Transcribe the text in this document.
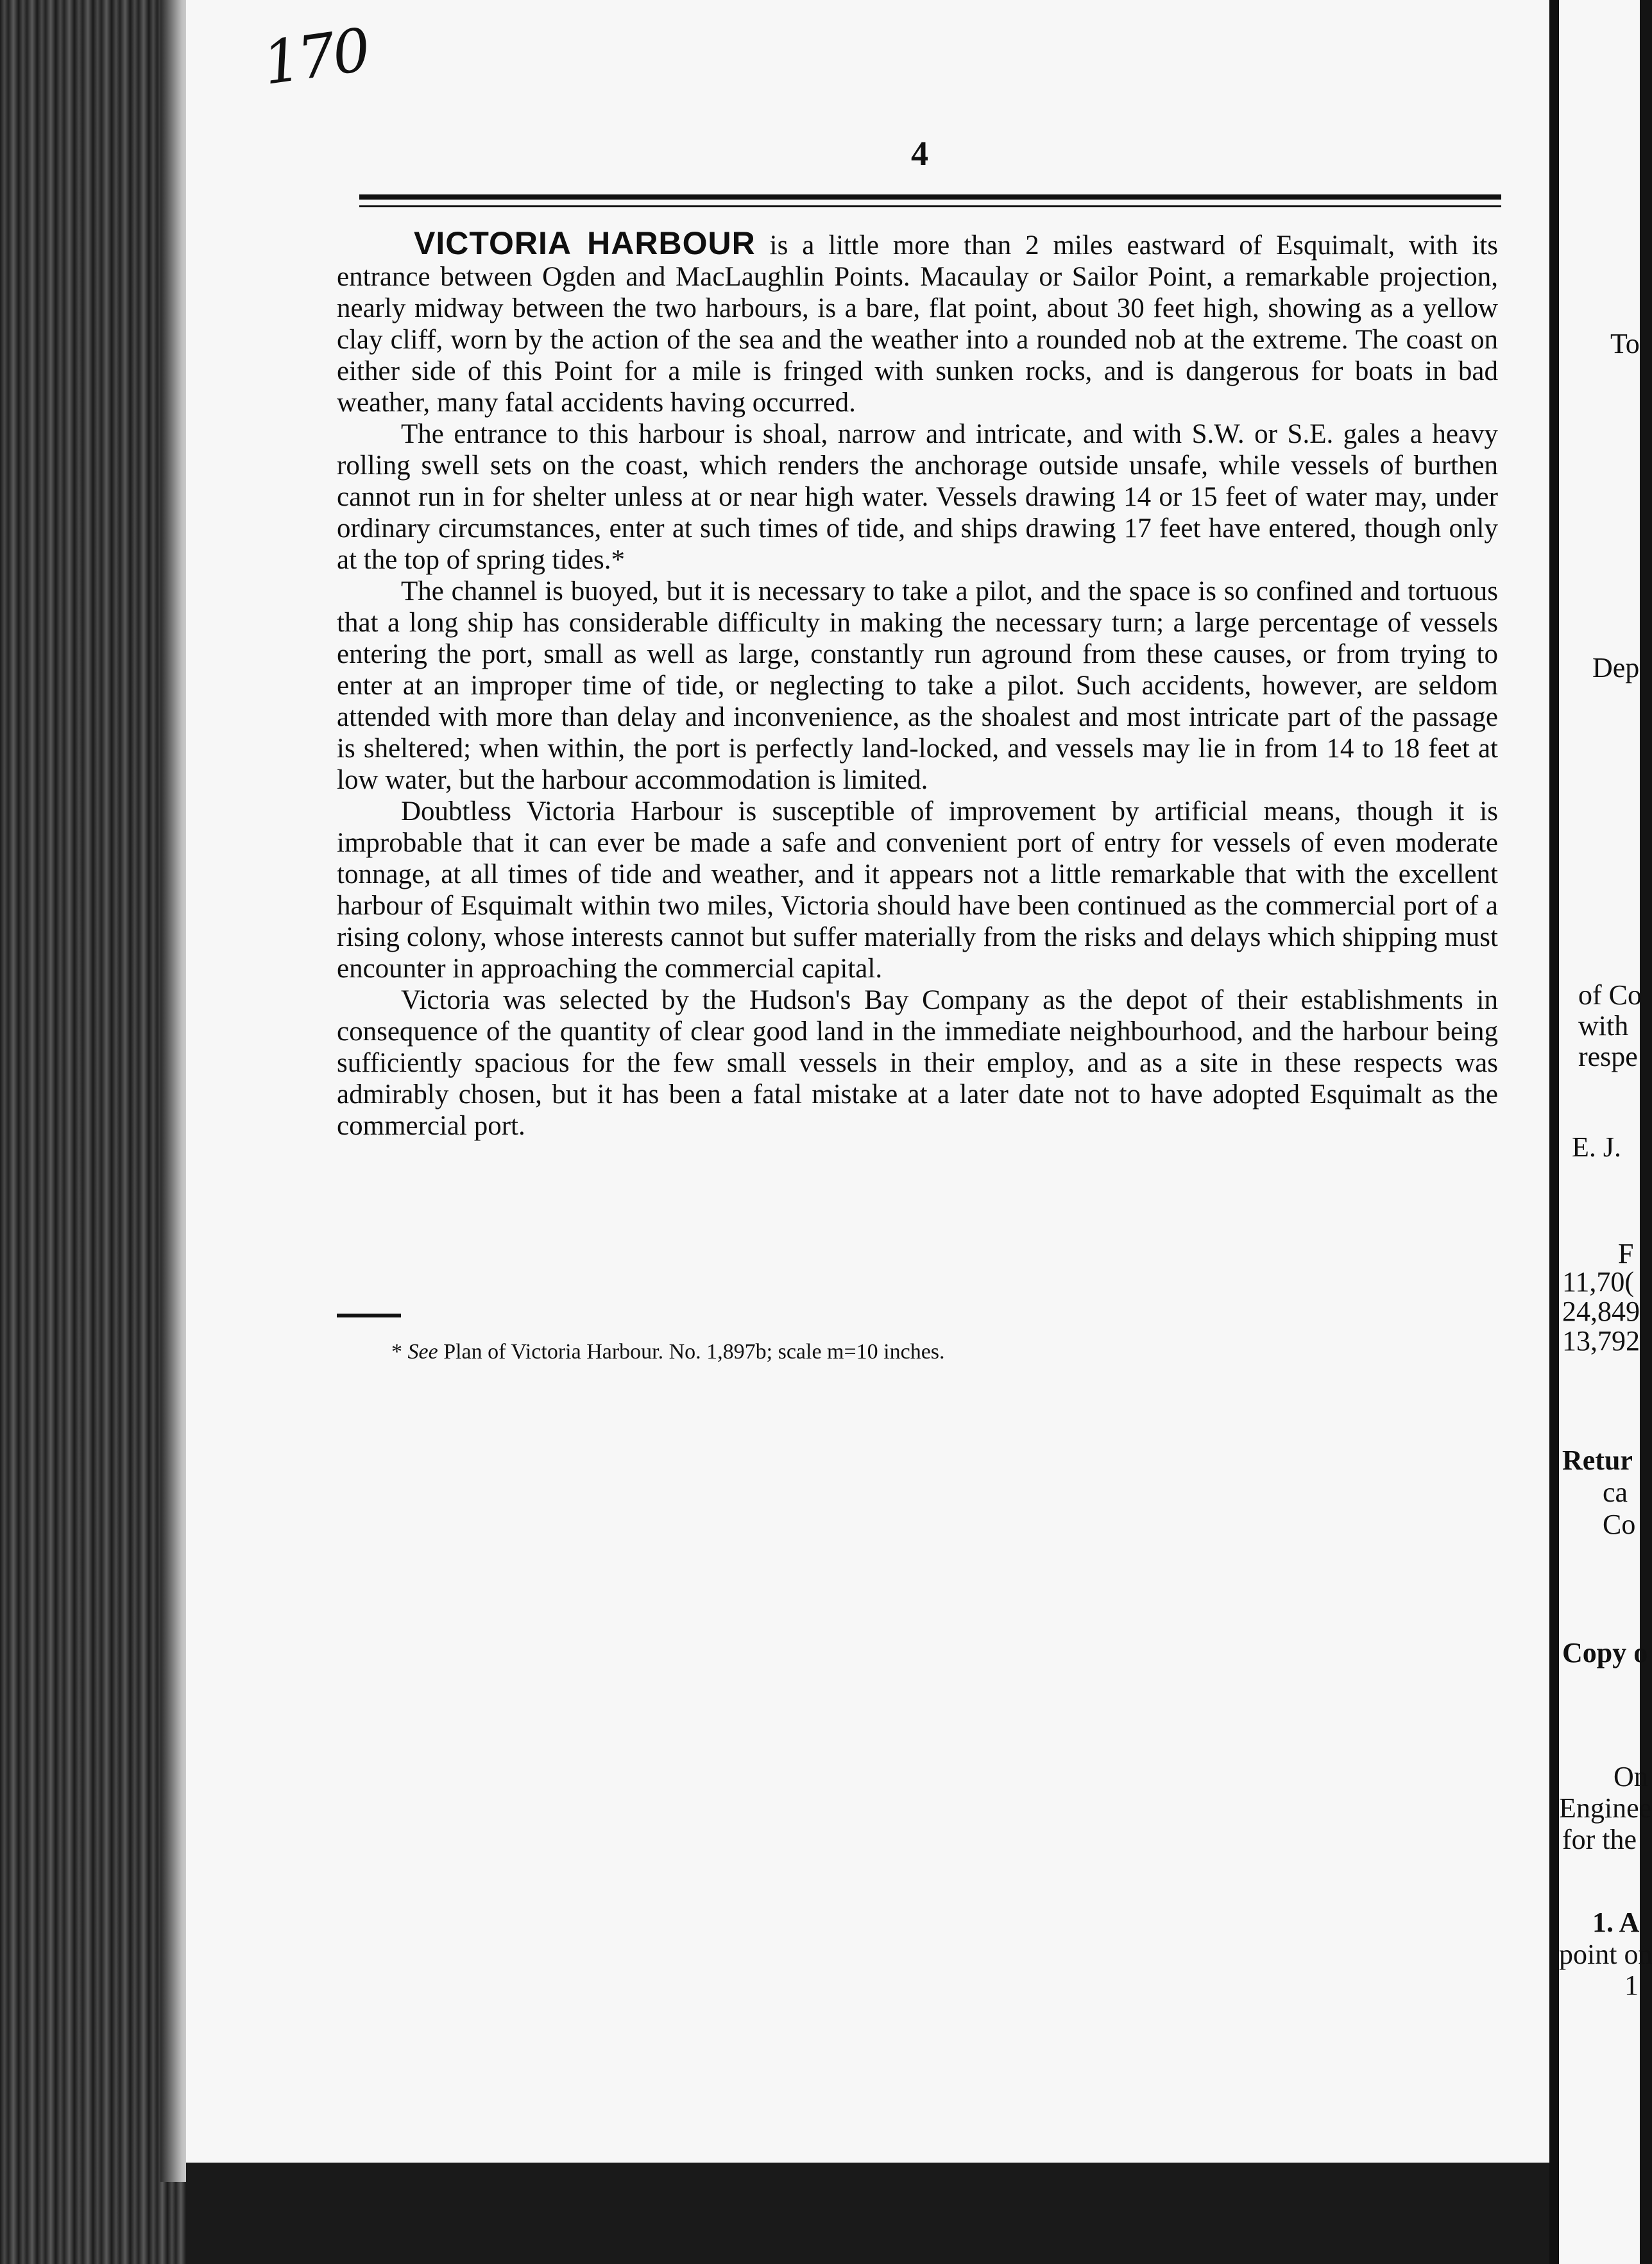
170
4

VICTORIA HARBOUR is a little more than 2 miles eastward of Esquimalt, with its entrance between Ogden and MacLaughlin Points. Macaulay or Sailor Point, a remarkable projection, nearly midway between the two harbours, is a bare, flat point, about 30 feet high, showing as a yellow clay cliff, worn by the action of the sea and the weather into a rounded nob at the extreme. The coast on either side of this Point for a mile is fringed with sunken rocks, and is dangerous for boats in bad weather, many fatal accidents having occurred.

The entrance to this harbour is shoal, narrow and intricate, and with S.W. or S.E. gales a heavy rolling swell sets on the coast, which renders the anchorage outside unsafe, while vessels of burthen cannot run in for shelter unless at or near high water. Vessels drawing 14 or 15 feet of water may, under ordinary circumstances, enter at such times of tide, and ships drawing 17 feet have entered, though only at the top of spring tides.*

The channel is buoyed, but it is necessary to take a pilot, and the space is so confined and tortuous that a long ship has considerable difficulty in making the necessary turn; a large percentage of vessels entering the port, small as well as large, constantly run aground from these causes, or from trying to enter at an improper time of tide, or neglecting to take a pilot. Such accidents, however, are seldom attended with more than delay and inconvenience, as the shoalest and most intricate part of the passage is sheltered; when within, the port is perfectly land-locked, and vessels may lie in from 14 to 18 feet at low water, but the harbour accommodation is limited.

Doubtless Victoria Harbour is susceptible of improvement by artificial means, though it is improbable that it can ever be made a safe and convenient port of entry for vessels of even moderate tonnage, at all times of tide and weather, and it appears not a little remarkable that with the excellent harbour of Esquimalt within two miles, Victoria should have been continued as the commercial port of a rising colony, whose interests cannot but suffer materially from the risks and delays which shipping must encounter in approaching the commercial capital.

Victoria was selected by the Hudson's Bay Company as the depot of their establishments in consequence of the quantity of clear good land in the immediate neighbourhood, and the harbour being sufficiently spacious for the few small vessels in their employ, and as a site in these respects was admirably chosen, but it has been a fatal mistake at a later date not to have adopted Esquimalt as the commercial port.

* See Plan of Victoria Harbour. No. 1,897b; scale m=10 inches.
To
Dep
of Co
with
respe
E. J.
F
11,70(
24,849
13,792
Retur
ca
Co
Copy o
On
Enginee
for the
1. A
point on
1
